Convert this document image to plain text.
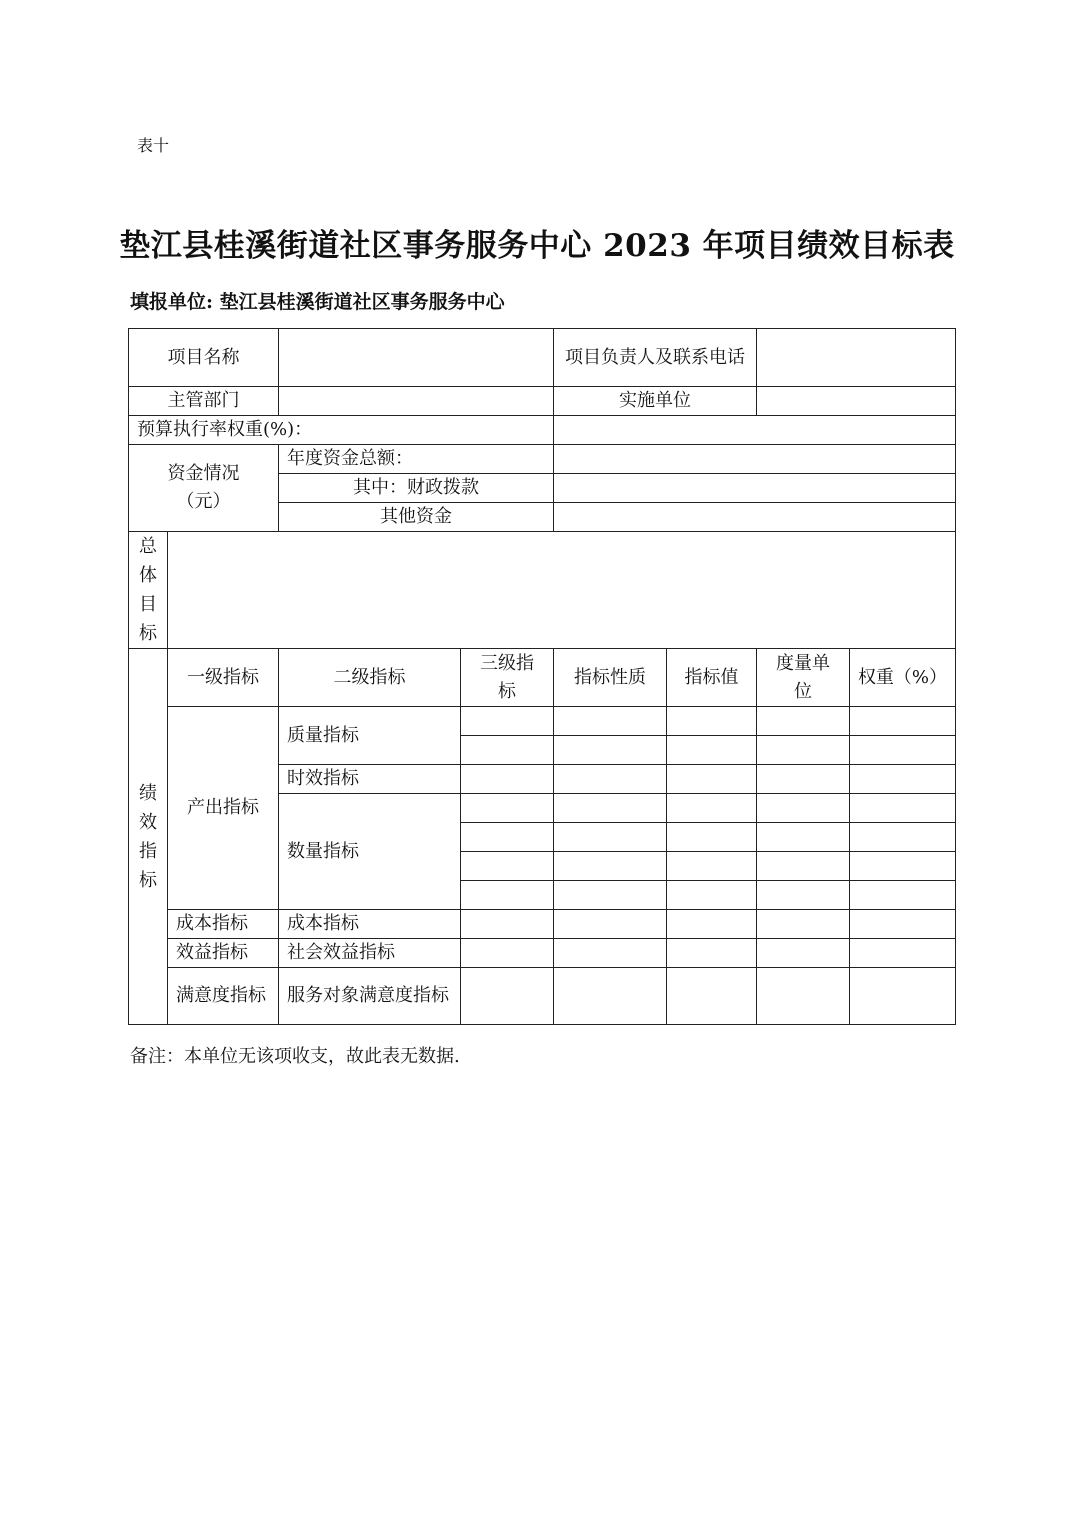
表十
垫江县桂溪街道社区事务服务中心 2023 年项目绩效目标表
填报单位: 垫江县桂溪街道社区事务服务中心
项目名称				项目负责人及联系电话			
主管部门				实施单位			
预算执行率权重(%)：							
资金情况（元）		年度资金总额：					
		其中：财政拨款					
		其他资金					

总体目标							

绩效指标	一级指标	二级指标	三级指标	指标性质	指标值	度量单位	权重（%）
	产出指标	质量指标					

		时效指标					
		数量指标					

	成本指标	成本指标					
	效益指标	社会效益指标					
	满意度指标	服务对象满意度指标					
备注：本单位无该项收支，故此表无数据.
